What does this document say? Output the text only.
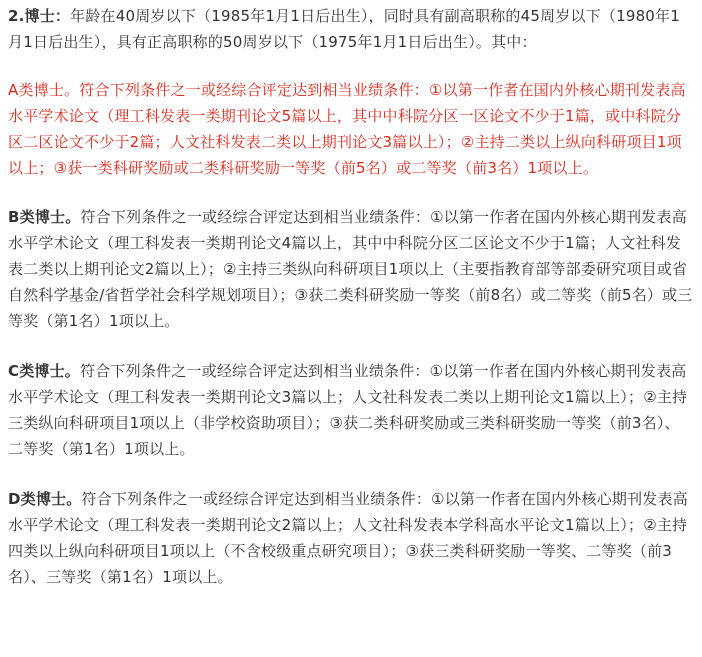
2.博士：年龄在40周岁以下（1985年1月1日后出生），同时具有副高职称的45周岁以下（1980年1月1日后出生），具有正高职称的50周岁以下（1975年1月1日后出生）。其中：

A类博士。符合下列条件之一或经综合评定达到相当业绩条件：①以第一作者在国内外核心期刊发表高水平学术论文（理工科发表一类期刊论文5篇以上，其中中科院分区一区论文不少于1篇，或中科院分区二区论文不少于2篇；人文社科发表二类以上期刊论文3篇以上）；②主持二类以上纵向科研项目1项以上；③获一类科研奖励或二类科研奖励一等奖（前5名）或二等奖（前3名）1项以上。

B类博士。符合下列条件之一或经综合评定达到相当业绩条件：①以第一作者在国内外核心期刊发表高水平学术论文（理工科发表一类期刊论文4篇以上，其中中科院分区二区论文不少于1篇；人文社科发表二类以上期刊论文2篇以上）；②主持三类纵向科研项目1项以上（主要指教育部等部委研究项目或省自然科学基金/省哲学社会科学规划项目）；③获二类科研奖励一等奖（前8名）或二等奖（前5名）或三等奖（第1名）1项以上。

C类博士。符合下列条件之一或经综合评定达到相当业绩条件：①以第一作者在国内外核心期刊发表高水平学术论文（理工科发表一类期刊论文3篇以上；人文社科发表二类以上期刊论文1篇以上）；②主持三类纵向科研项目1项以上（非学校资助项目）；③获二类科研奖励或三类科研奖励一等奖（前3名）、二等奖（第1名）1项以上。

D类博士。符合下列条件之一或经综合评定达到相当业绩条件：①以第一作者在国内外核心期刊发表高水平学术论文（理工科发表一类期刊论文2篇以上；人文社科发表本学科高水平论文1篇以上）；②主持四类以上纵向科研项目1项以上（不含校级重点研究项目）；③获三类科研奖励一等奖、二等奖（前3名）、三等奖（第1名）1项以上。
